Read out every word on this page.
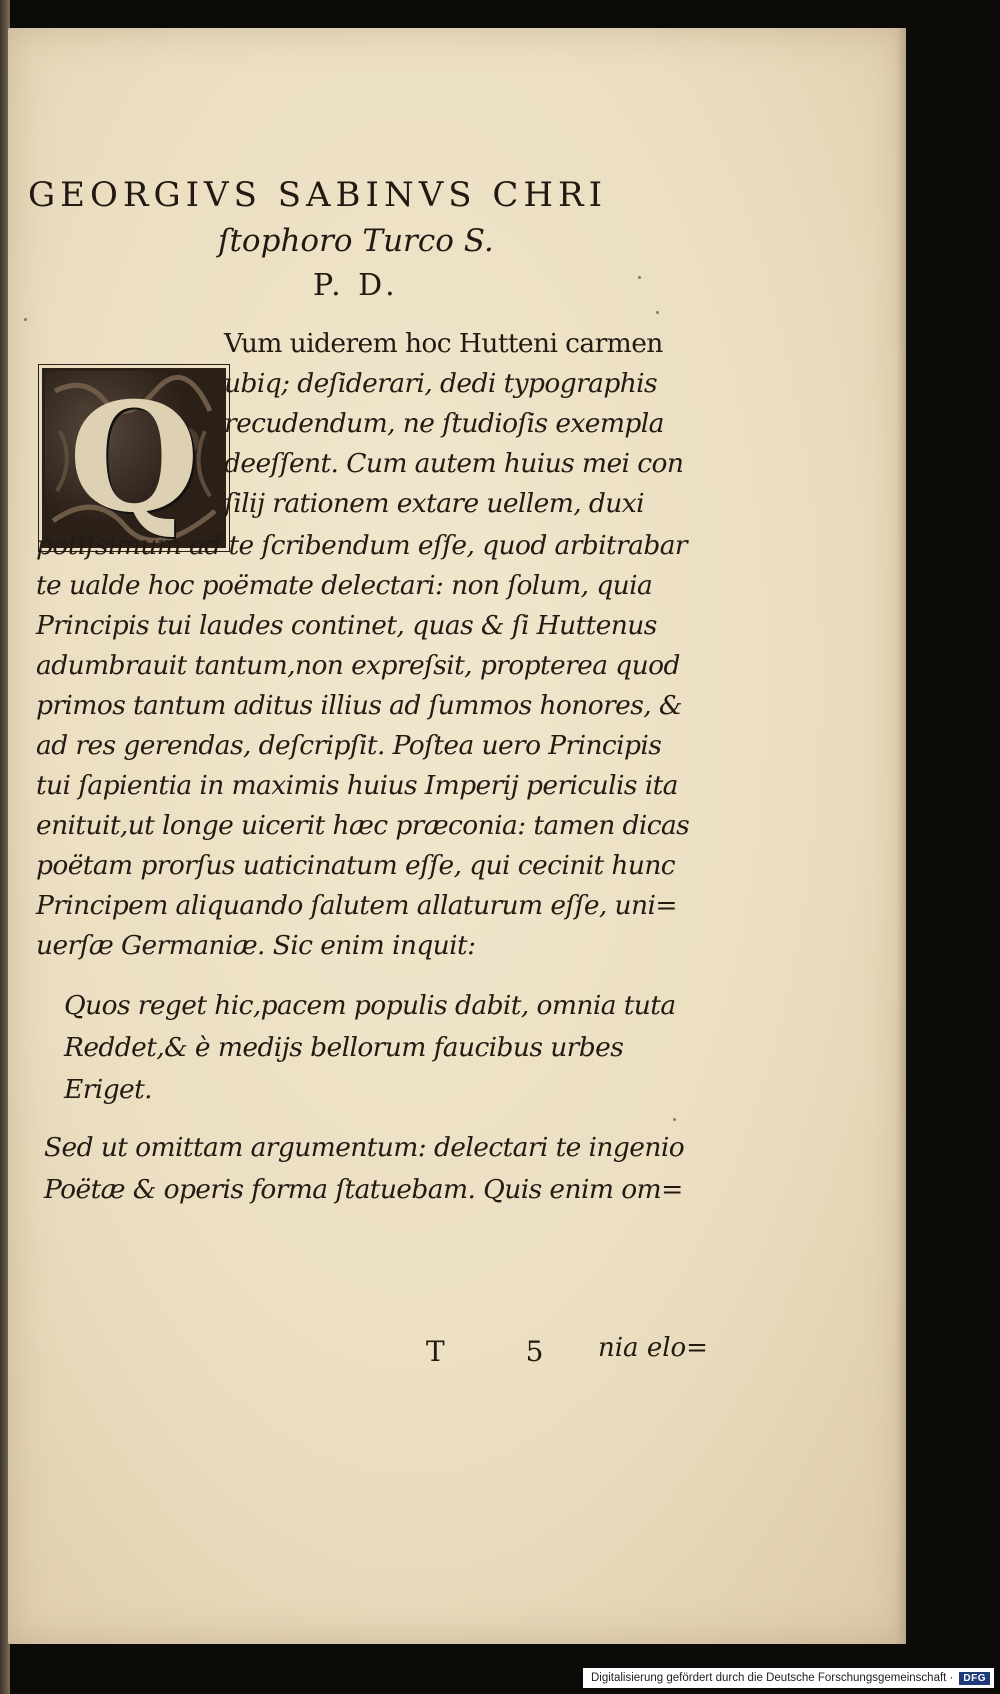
GEORGIVS SABINVS CHRI
ſtophoro Turco S.
P. D.
Q
Vum uiderem hoc Hutteni carmen
ubiq; deſiderari, dedi typographis
recudendum, ne ſtudioſis exempla
deeſſent. Cum autem huius mei con
ſilij rationem extare uellem, duxi
potiſsimum ad te ſcribendum eſſe, quod arbitrabar
te ualde hoc poëmate delectari: non ſolum, quia
Principis tui laudes continet, quas & ſi Huttenus
adumbrauit tantum,non expreſsit, propterea quod
primos tantum aditus illius ad ſummos honores, &
ad res gerendas, deſcripſit. Poſtea uero Principis
tui ſapientia in maximis huius Imperij periculis ita
enituit,ut longe uicerit hæc præconia: tamen dicas
poëtam prorſus uaticinatum eſſe, qui cecinit hunc
Principem aliquando ſalutem allaturum eſſe, uni=
uerſæ Germaniæ. Sic enim inquit:
Quos reget hic,pacem populis dabit, omnia tuta
Reddet,& è medijs bellorum faucibus urbes
Eriget.
Sed ut omittam argumentum: delectari te ingenio
Poëtæ & operis forma ſtatuebam. Quis enim om=
T 5 nia elo=
Digitalisierung gefördert durch die Deutsche Forschungsgemeinschaft ·	DFG
